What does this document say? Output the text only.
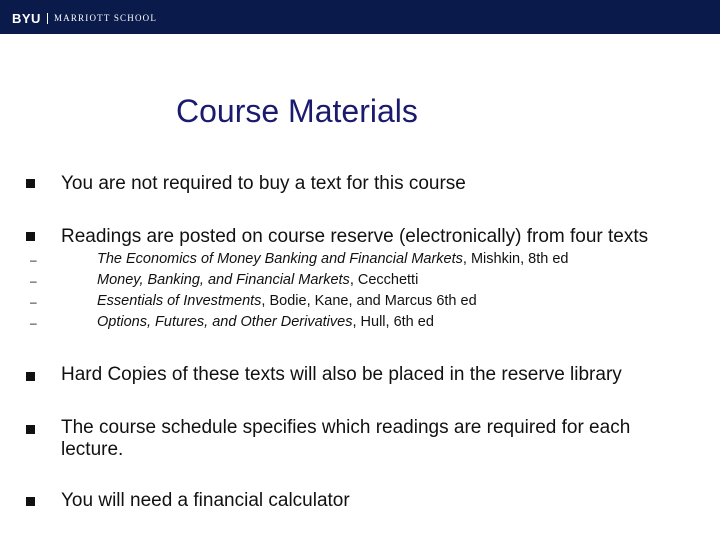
BYU MARRIOTT SCHOOL
Course Materials
You are not required to buy a text for this course
Readings are posted on course reserve (electronically) from four texts
–	The Economics of Money Banking and Financial Markets, Mishkin, 8th ed
–	Money, Banking, and Financial Markets, Cecchetti
–	Essentials of Investments, Bodie, Kane, and Marcus 6th ed
–	Options, Futures, and Other Derivatives, Hull, 6th ed
Hard Copies of these texts will also be placed in the reserve library
The course schedule specifies which readings are required for each lecture.
You will need a financial calculator
